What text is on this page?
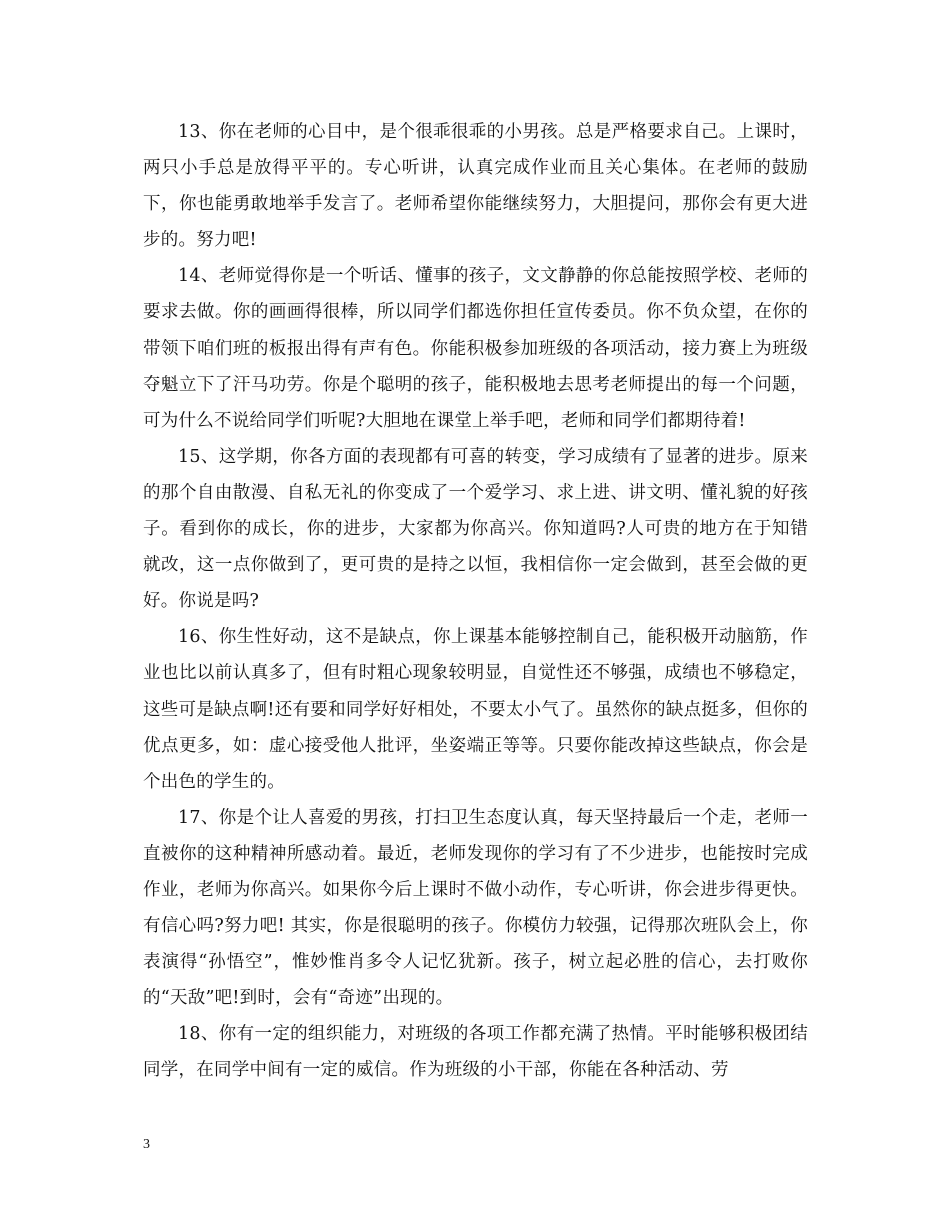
13、你在老师的心目中，是个很乖很乖的小男孩。总是严格要求自己。上课时，两只小手总是放得平平的。专心听讲，认真完成作业而且关心集体。在老师的鼓励下，你也能勇敢地举手发言了。老师希望你能继续努力，大胆提问，那你会有更大进步的。努力吧!

14、老师觉得你是一个听话、懂事的孩子，文文静静的你总能按照学校、老师的要求去做。你的画画得很棒，所以同学们都选你担任宣传委员。你不负众望，在你的带领下咱们班的板报出得有声有色。你能积极参加班级的各项活动，接力赛上为班级夺魁立下了汗马功劳。你是个聪明的孩子，能积极地去思考老师提出的每一个问题，可为什么不说给同学们听呢?大胆地在课堂上举手吧，老师和同学们都期待着!

15、这学期，你各方面的表现都有可喜的转变，学习成绩有了显著的进步。原来的那个自由散漫、自私无礼的你变成了一个爱学习、求上进、讲文明、懂礼貌的好孩子。看到你的成长，你的进步，大家都为你高兴。你知道吗?人可贵的地方在于知错就改，这一点你做到了，更可贵的是持之以恒，我相信你一定会做到，甚至会做的更好。你说是吗?

16、你生性好动，这不是缺点，你上课基本能够控制自己，能积极开动脑筋，作业也比以前认真多了，但有时粗心现象较明显，自觉性还不够强，成绩也不够稳定，这些可是缺点啊!还有要和同学好好相处，不要太小气了。虽然你的缺点挺多，但你的优点更多，如：虚心接受他人批评，坐姿端正等等。只要你能改掉这些缺点，你会是个出色的学生的。

17、你是个让人喜爱的男孩，打扫卫生态度认真，每天坚持最后一个走，老师一直被你的这种精神所感动着。最近，老师发现你的学习有了不少进步，也能按时完成作业，老师为你高兴。如果你今后上课时不做小动作，专心听讲，你会进步得更快。有信心吗?努力吧! 其实，你是很聪明的孩子。你模仿力较强，记得那次班队会上，你表演得“孙悟空”，惟妙惟肖多令人记忆犹新。孩子，树立起必胜的信心，去打败你的“天敌”吧!到时，会有“奇迹”出现的。

18、你有一定的组织能力，对班级的各项工作都充满了热情。平时能够积极团结同学，在同学中间有一定的威信。作为班级的小干部，你能在各种活动、劳

3
